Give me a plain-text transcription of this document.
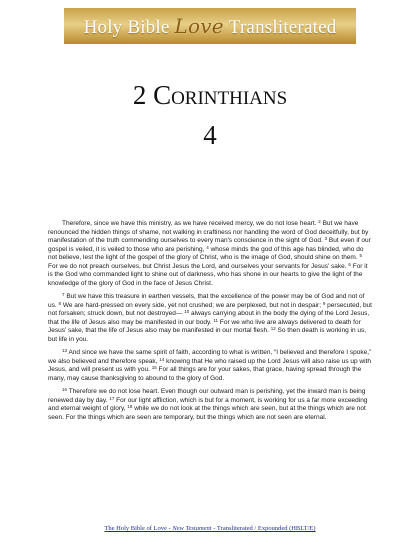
Holy Bible Love Transliterated
2 Corinthians
4

Therefore, since we have this ministry, as we have received mercy, we do not lose heart. $^2$ But we have renounced the hidden things of shame, not walking in craftiness nor handling the word of God deceitfully, but by manifestation of the truth commending ourselves to every man's conscience in the sight of God. $^3$ But even if our gospel is veiled, it is veiled to those who are perishing, $^4$ whose minds the god of this age has blinded, who do not believe, lest the light of the gospel of the glory of Christ, who is the image of God, should shine on them. $^5$ For we do not preach ourselves, but Christ Jesus the Lord, and ourselves your servants for Jesus' sake. $^6$ For it is the God who commanded light to shine out of darkness, who has shone in our hearts to give the light of the knowledge of the glory of God in the face of Jesus Christ.

$^7$ But we have this treasure in earthen vessels, that the excellence of the power may be of God and not of us. $^8$ We are hard-pressed on every side, yet not crushed; we are perplexed, but not in despair; $^9$ persecuted, but not forsaken; struck down, but not destroyed— $^{10}$ always carrying about in the body the dying of the Lord Jesus, that the life of Jesus also may be manifested in our body. $^{11}$ For we who live are always delivered to death for Jesus' sake, that the life of Jesus also may be manifested in our mortal flesh. $^{12}$ So then death is working in us, but life in you.

$^{13}$ And since we have the same spirit of faith, according to what is written, “I believed and therefore I spoke,” we also believed and therefore speak, $^{14}$ knowing that He who raised up the Lord Jesus will also raise us up with Jesus, and will present us with you. $^{15}$ For all things are for your sakes, that grace, having spread through the many, may cause thanksgiving to abound to the glory of God.

$^{16}$ Therefore we do not lose heart. Even though our outward man is perishing, yet the inward man is being renewed day by day. $^{17}$ For our light affliction, which is but for a moment, is working for us a far more exceeding and eternal weight of glory, $^{18}$ while we do not look at the things which are seen, but at the things which are not seen. For the things which are seen are temporary, but the things which are not seen are eternal.

The Holy Bible of Love - New Testament - Transliterated / Expounded (HBLT/E)
